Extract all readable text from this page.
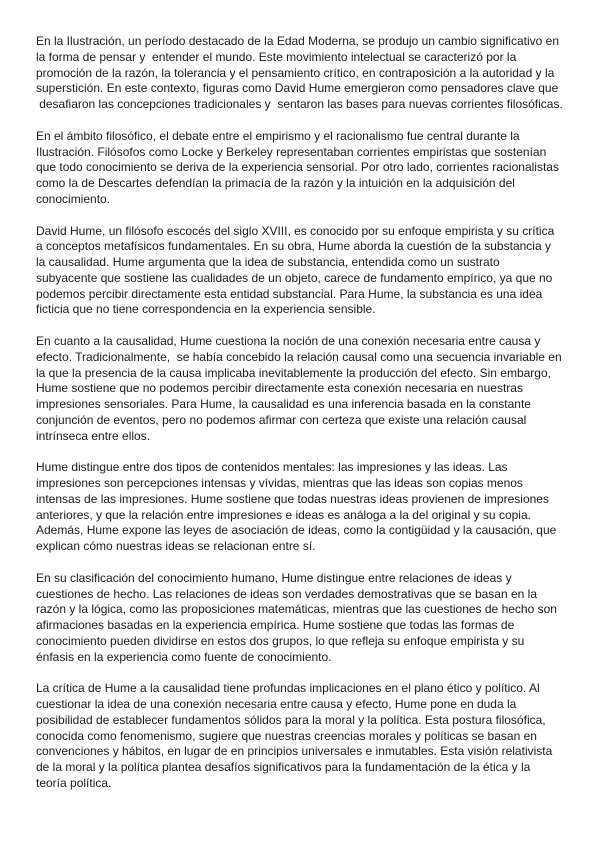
En la Ilustración, un período destacado de la Edad Moderna, se produjo un cambio significativo en
la forma de pensar y  entender el mundo. Este movimiento intelectual se caracterizó por la
promoción de la razón, la tolerancia y el pensamiento crítico, en contraposición a la autoridad y la
superstición. En este contexto, figuras como David Hume emergieron como pensadores clave que
desafiaron las concepciones tradicionales y  sentaron las bases para nuevas corrientes filosóficas.

En el ámbito filosófico, el debate entre el empirismo y el racionalismo fue central durante la
Ilustración. Filósofos como Locke y Berkeley representaban corrientes empiristas que sostenían
que todo conocimiento se deriva de la experiencia sensorial. Por otro lado, corrientes racionalistas
como la de Descartes defendían la primacía de la razón y la intuición en la adquisición del
conocimiento.

David Hume, un filósofo escocés del siglo XVIII, es conocido por su enfoque empirista y su crítica
a conceptos metafísicos fundamentales. En su obra, Hume aborda la cuestión de la substancia y
la causalidad. Hume argumenta que la idea de substancia, entendida como un sustrato
subyacente que sostiene las cualidades de un objeto, carece de fundamento empírico, ya que no
podemos percibir directamente esta entidad substancial. Para Hume, la substancia es una idea
ficticia que no tiene correspondencia en la experiencia sensible.

En cuanto a la causalidad, Hume cuestiona la noción de una conexión necesaria entre causa y
efecto. Tradicionalmente,  se había concebido la relación causal como una secuencia invariable en
la que la presencia de la causa implicaba inevitablemente la producción del efecto. Sin embargo,
Hume sostiene que no podemos percibir directamente esta conexión necesaria en nuestras
impresiones sensoriales. Para Hume, la causalidad es una inferencia basada en la constante
conjunción de eventos, pero no podemos afirmar con certeza que existe una relación causal
intrínseca entre ellos.

Hume distingue entre dos tipos de contenidos mentales: las impresiones y las ideas. Las
impresiones son percepciones intensas y vívidas, mientras que las ideas son copias menos
intensas de las impresiones. Hume sostiene que todas nuestras ideas provienen de impresiones
anteriores, y que la relación entre impresiones e ideas es análoga a la del original y su copia.
Además, Hume expone las leyes de asociación de ideas, como la contigüidad y la causación, que
explican cómo nuestras ideas se relacionan entre sí.

En su clasificación del conocimiento humano, Hume distingue entre relaciones de ideas y
cuestiones de hecho. Las relaciones de ideas son verdades demostrativas que se basan en la
razón y la lógica, como las proposiciones matemáticas, mientras que las cuestiones de hecho son
afirmaciones basadas en la experiencia empírica. Hume sostiene que todas las formas de
conocimiento pueden dividirse en estos dos grupos, lo que refleja su enfoque empirista y su
énfasis en la experiencia como fuente de conocimiento.

La crítica de Hume a la causalidad tiene profundas implicaciones en el plano ético y político. Al
cuestionar la idea de una conexión necesaria entre causa y efecto, Hume pone en duda la
posibilidad de establecer fundamentos sólidos para la moral y la política. Esta postura filosófica,
conocida como fenomenismo, sugiere que nuestras creencias morales y políticas se basan en
convenciones y hábitos, en lugar de en principios universales e inmutables. Esta visión relativista
de la moral y la política plantea desafíos significativos para la fundamentación de la ética y la
teoría política.
